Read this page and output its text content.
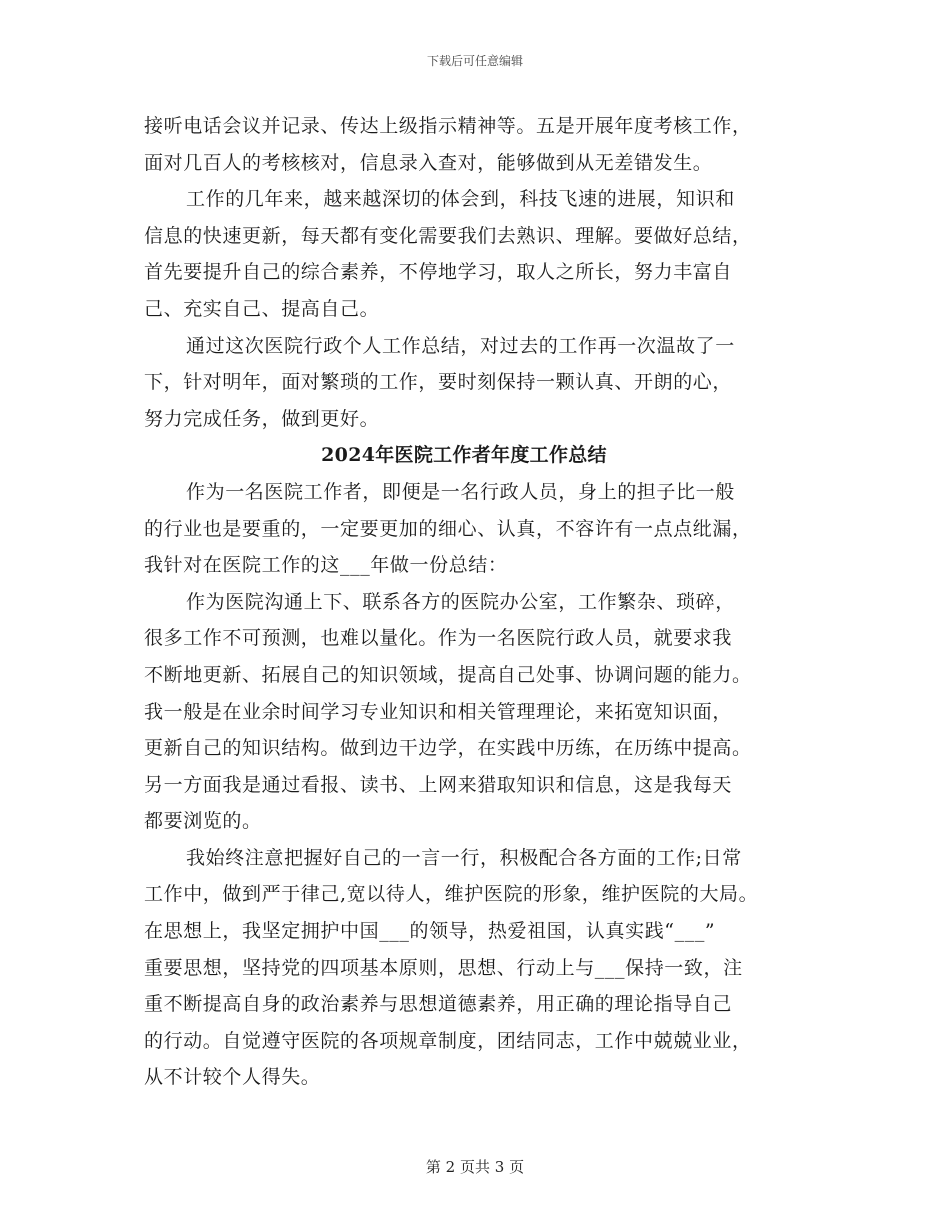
下载后可任意编辑
接听电话会议并记录、传达上级指示精神等。五是开展年度考核工作，
面对几百人的考核核对，信息录入查对，能够做到从无差错发生。
工作的几年来，越来越深切的体会到，科技飞速的进展，知识和
信息的快速更新，每天都有变化需要我们去熟识、理解。要做好总结，
首先要提升自己的综合素养，不停地学习，取人之所长，努力丰富自
己、充实自己、提高自己。
通过这次医院行政个人工作总结，对过去的工作再一次温故了一
下，针对明年，面对繁琐的工作，要时刻保持一颗认真、开朗的心，
努力完成任务，做到更好。
2024年医院工作者年度工作总结
作为一名医院工作者，即便是一名行政人员，身上的担子比一般
的行业也是要重的，一定要更加的细心、认真，不容许有一点点纰漏，
我针对在医院工作的这___年做一份总结：
作为医院沟通上下、联系各方的医院办公室，工作繁杂、琐碎，
很多工作不可预测，也难以量化。作为一名医院行政人员，就要求我
不断地更新、拓展自己的知识领域，提高自己处事、协调问题的能力。
我一般是在业余时间学习专业知识和相关管理理论，来拓宽知识面，
更新自己的知识结构。做到边干边学，在实践中历练，在历练中提高。
另一方面我是通过看报、读书、上网来猎取知识和信息，这是我每天
都要浏览的。
我始终注意把握好自己的一言一行，积极配合各方面的工作;日常
工作中，做到严于律己,宽以待人，维护医院的形象，维护医院的大局。
在思想上，我坚定拥护中国___的领导，热爱祖国，认真实践“___”
重要思想，坚持党的四项基本原则，思想、行动上与___保持一致，注
重不断提高自身的政治素养与思想道德素养，用正确的理论指导自己
的行动。自觉遵守医院的各项规章制度，团结同志，工作中兢兢业业，
从不计较个人得失。
第 2 页共 3 页
